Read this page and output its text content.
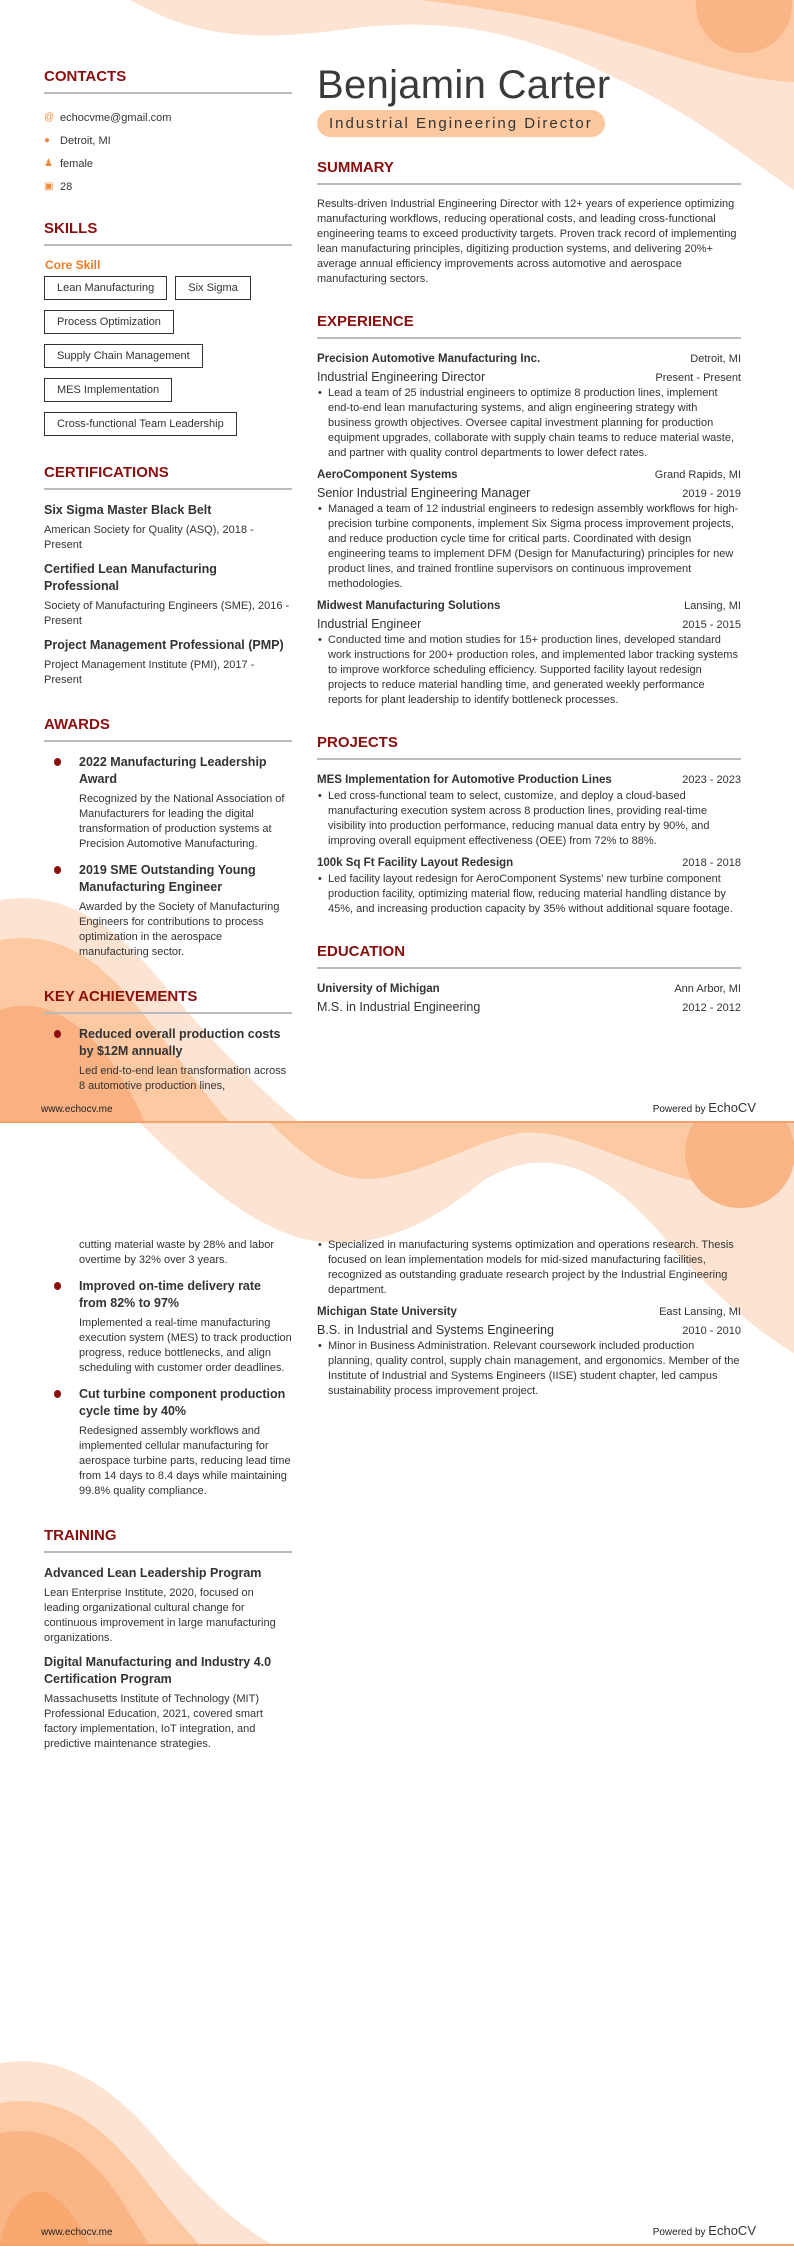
CONTACTS
@ echocvme@gmail.com
● Detroit, MI
♟ female
▣ 28
SKILLS
Core Skill
Lean Manufacturing	Six Sigma
Process Optimization
Supply Chain Management
MES Implementation
Cross-functional Team Leadership
CERTIFICATIONS
Six Sigma Master Black Belt
American Society for Quality (ASQ), 2018 - Present
Certified Lean Manufacturing Professional
Society of Manufacturing Engineers (SME), 2016 - Present
Project Management Professional (PMP)
Project Management Institute (PMI), 2017 - Present
AWARDS
2022 Manufacturing Leadership Award
Recognized by the National Association of Manufacturers for leading the digital transformation of production systems at Precision Automotive Manufacturing.
2019 SME Outstanding Young Manufacturing Engineer
Awarded by the Society of Manufacturing Engineers for contributions to process optimization in the aerospace manufacturing sector.
KEY ACHIEVEMENTS
Reduced overall production costs by $12M annually
Led end-to-end lean transformation across 8 automotive production lines,
Benjamin Carter
Industrial Engineering Director
SUMMARY

Results-driven Industrial Engineering Director with 12+ years of experience optimizing manufacturing workflows, reducing operational costs, and leading cross-functional engineering teams to exceed productivity targets. Proven track record of implementing lean manufacturing principles, digitizing production systems, and delivering 20%+ average annual efficiency improvements across automotive and aerospace manufacturing sectors.

EXPERIENCE
Precision Automotive Manufacturing Inc.	Detroit, MI
Industrial Engineering Director	Present - Present
• Lead a team of 25 industrial engineers to optimize 8 production lines, implement end-to-end lean manufacturing systems, and align engineering strategy with business growth objectives. Oversee capital investment planning for production equipment upgrades, collaborate with supply chain teams to reduce material waste, and partner with quality control departments to lower defect rates.
AeroComponent Systems	Grand Rapids, MI
Senior Industrial Engineering Manager	2019 - 2019
• Managed a team of 12 industrial engineers to redesign assembly workflows for high-precision turbine components, implement Six Sigma process improvement projects, and reduce production cycle time for critical parts. Coordinated with design engineering teams to implement DFM (Design for Manufacturing) principles for new product lines, and trained frontline supervisors on continuous improvement methodologies.
Midwest Manufacturing Solutions	Lansing, MI
Industrial Engineer	2015 - 2015
• Conducted time and motion studies for 15+ production lines, developed standard work instructions for 200+ production roles, and implemented labor tracking systems to improve workforce scheduling efficiency. Supported facility layout redesign projects to reduce material handling time, and generated weekly performance reports for plant leadership to identify bottleneck processes.
PROJECTS
MES Implementation for Automotive Production Lines	2023 - 2023
• Led cross-functional team to select, customize, and deploy a cloud-based manufacturing execution system across 8 production lines, providing real-time visibility into production performance, reducing manual data entry by 90%, and improving overall equipment effectiveness (OEE) from 72% to 88%.
100k Sq Ft Facility Layout Redesign	2018 - 2018
• Led facility layout redesign for AeroComponent Systems' new turbine component production facility, optimizing material flow, reducing material handling distance by 45%, and increasing production capacity by 35% without additional square footage.
EDUCATION
University of Michigan	Ann Arbor, MI
M.S. in Industrial Engineering	2012 - 2012
www.echocv.me	Powered by EchoCV
cutting material waste by 28% and labor overtime by 32% over 3 years.
Improved on-time delivery rate from 82% to 97%
Implemented a real-time manufacturing execution system (MES) to track production progress, reduce bottlenecks, and align scheduling with customer order deadlines.
Cut turbine component production cycle time by 40%
Redesigned assembly workflows and implemented cellular manufacturing for aerospace turbine parts, reducing lead time from 14 days to 8.4 days while maintaining 99.8% quality compliance.
TRAINING
Advanced Lean Leadership Program
Lean Enterprise Institute, 2020, focused on leading organizational cultural change for continuous improvement in large manufacturing organizations.
Digital Manufacturing and Industry 4.0 Certification Program
Massachusetts Institute of Technology (MIT) Professional Education, 2021, covered smart factory implementation, IoT integration, and predictive maintenance strategies.
• Specialized in manufacturing systems optimization and operations research. Thesis focused on lean implementation models for mid-sized manufacturing facilities, recognized as outstanding graduate research project by the Industrial Engineering department.
Michigan State University	East Lansing, MI
B.S. in Industrial and Systems Engineering	2010 - 2010
• Minor in Business Administration. Relevant coursework included production planning, quality control, supply chain management, and ergonomics. Member of the Institute of Industrial and Systems Engineers (IISE) student chapter, led campus sustainability process improvement project.
www.echocv.me	Powered by EchoCV
